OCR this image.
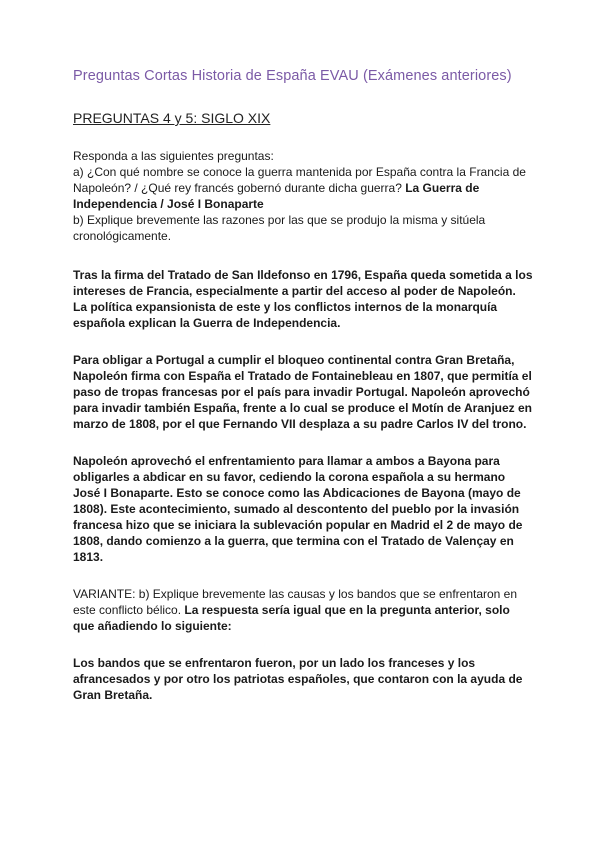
Preguntas Cortas Historia de España EVAU (Exámenes anteriores)
PREGUNTAS 4 y 5: SIGLO XIX

Responda a las siguientes preguntas:

a) ¿Con qué nombre se conoce la guerra mantenida por España contra la Francia de Napoleón? / ¿Qué rey francés gobernó durante dicha guerra? La Guerra de Independencia / José I Bonaparte

b) Explique brevemente las razones por las que se produjo la misma y sitúela cronológicamente.

Tras la firma del Tratado de San Ildefonso en 1796, España queda sometida a los intereses de Francia, especialmente a partir del acceso al poder de Napoleón. La política expansionista de este y los conflictos internos de la monarquía española explican la Guerra de Independencia.

Para obligar a Portugal a cumplir el bloqueo continental contra Gran Bretaña, Napoleón firma con España el Tratado de Fontainebleau en 1807, que permitía el paso de tropas francesas por el país para invadir Portugal. Napoleón aprovechó para invadir también España, frente a lo cual se produce el Motín de Aranjuez en marzo de 1808, por el que Fernando VII desplaza a su padre Carlos IV del trono.

Napoleón aprovechó el enfrentamiento para llamar a ambos a Bayona para obligarles a abdicar en su favor, cediendo la corona española a su hermano José I Bonaparte. Esto se conoce como las Abdicaciones de Bayona (mayo de 1808). Este acontecimiento, sumado al descontento del pueblo por la invasión francesa hizo que se iniciara la sublevación popular en Madrid el 2 de mayo de 1808, dando comienzo a la guerra, que termina con el Tratado de Valençay en 1813.

VARIANTE: b) Explique brevemente las causas y los bandos que se enfrentaron en este conflicto bélico. La respuesta sería igual que en la pregunta anterior, solo que añadiendo lo siguiente:

Los bandos que se enfrentaron fueron, por un lado los franceses y los afrancesados y por otro los patriotas españoles, que contaron con la ayuda de Gran Bretaña.
